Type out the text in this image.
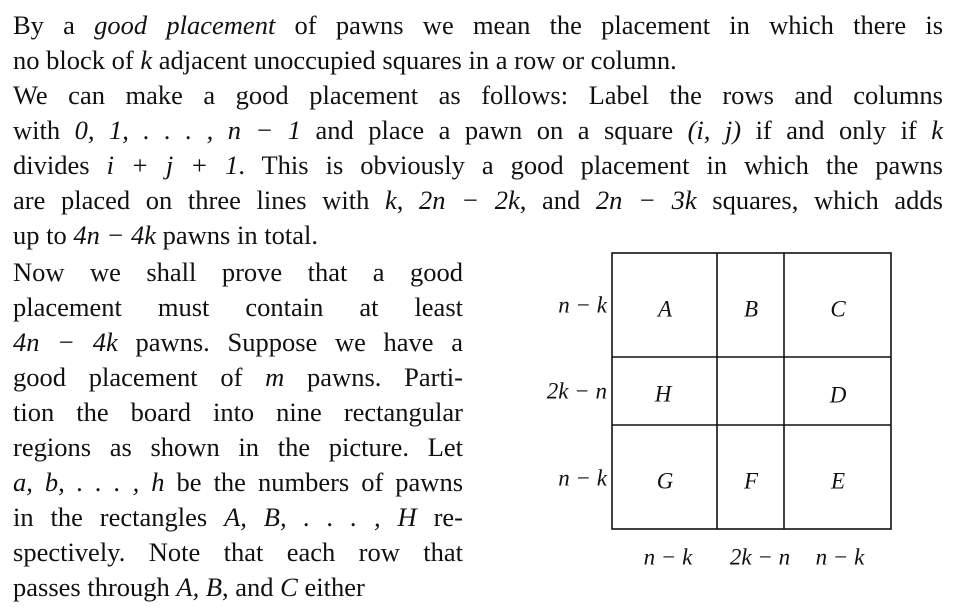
By a good placement of pawns we mean the placement in which there is
no block of k adjacent unoccupied squares in a row or column.
We can make a good placement as follows: Label the rows and columns
with 0, 1, . . . , n − 1 and place a pawn on a square (i, j) if and only if k
divides i + j + 1. This is obviously a good placement in which the pawns
are placed on three lines with k, 2n − 2k, and 2n − 3k squares, which adds
up to 4n − 4k pawns in total.
Now we shall prove that a good
placement must contain at least
4n − 4k pawns. Suppose we have a
good placement of m pawns. Parti-
tion the board into nine rectangular
regions as shown in the picture. Let
a, b, . . . , h be the numbers of pawns
in the rectangles A, B, . . . , H re-
spectively. Note that each row that
passes through A, B, and C either
A	B	C
H	D
G	F	E
n − k
2k − n
n − k
n − k 2k − n n − k
